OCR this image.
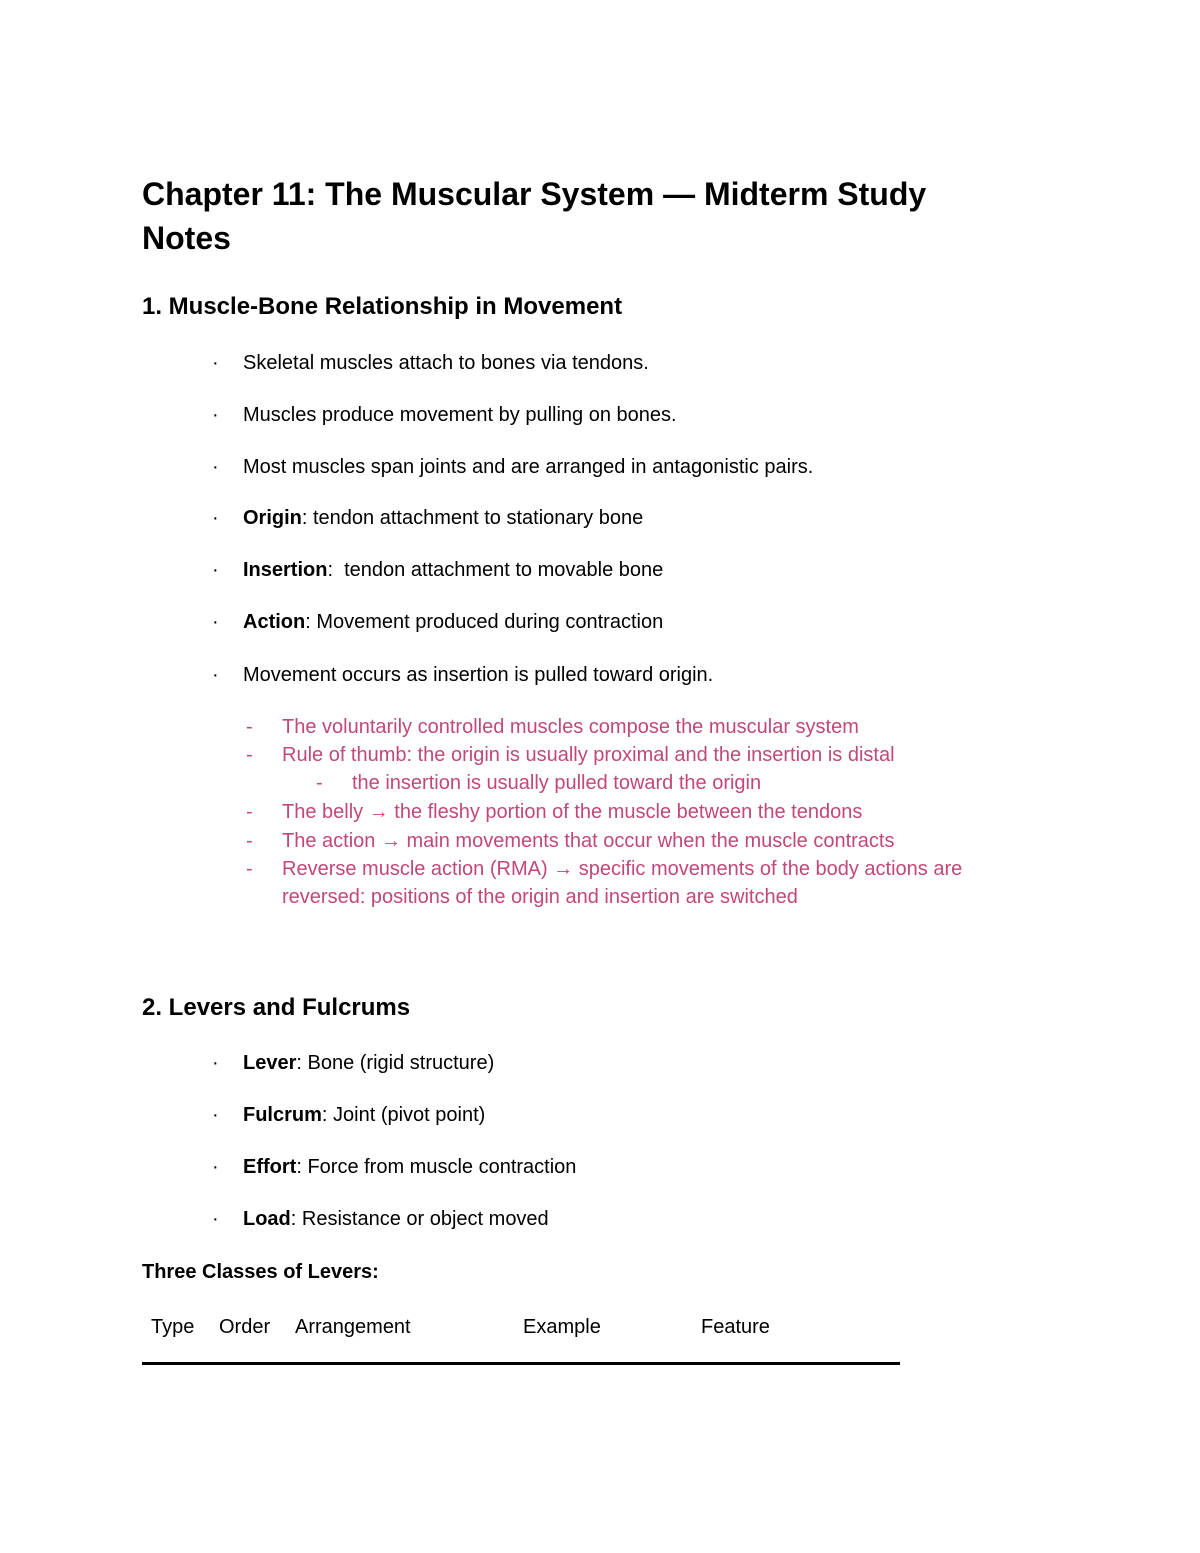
Chapter 11: The Muscular System — Midterm Study Notes
1. Muscle-Bone Relationship in Movement
· Skeletal muscles attach to bones via tendons.
· Muscles produce movement by pulling on bones.
· Most muscles span joints and are arranged in antagonistic pairs.
· Origin: tendon attachment to stationary bone
· Insertion:  tendon attachment to movable bone
· Action: Movement produced during contraction
· Movement occurs as insertion is pulled toward origin.
- The voluntarily controlled muscles compose the muscular system
- Rule of thumb: the origin is usually proximal and the insertion is distal
- the insertion is usually pulled toward the origin
- The belly → the fleshy portion of the muscle between the tendons
- The action → main movements that occur when the muscle contracts
- Reverse muscle action (RMA) → specific movements of the body actions are
reversed: positions of the origin and insertion are switched
2. Levers and Fulcrums
· Lever: Bone (rigid structure)
· Fulcrum: Joint (pivot point)
· Effort: Force from muscle contraction
· Load: Resistance or object moved
Three Classes of Levers:
Type Order Arrangement	Example	Feature
